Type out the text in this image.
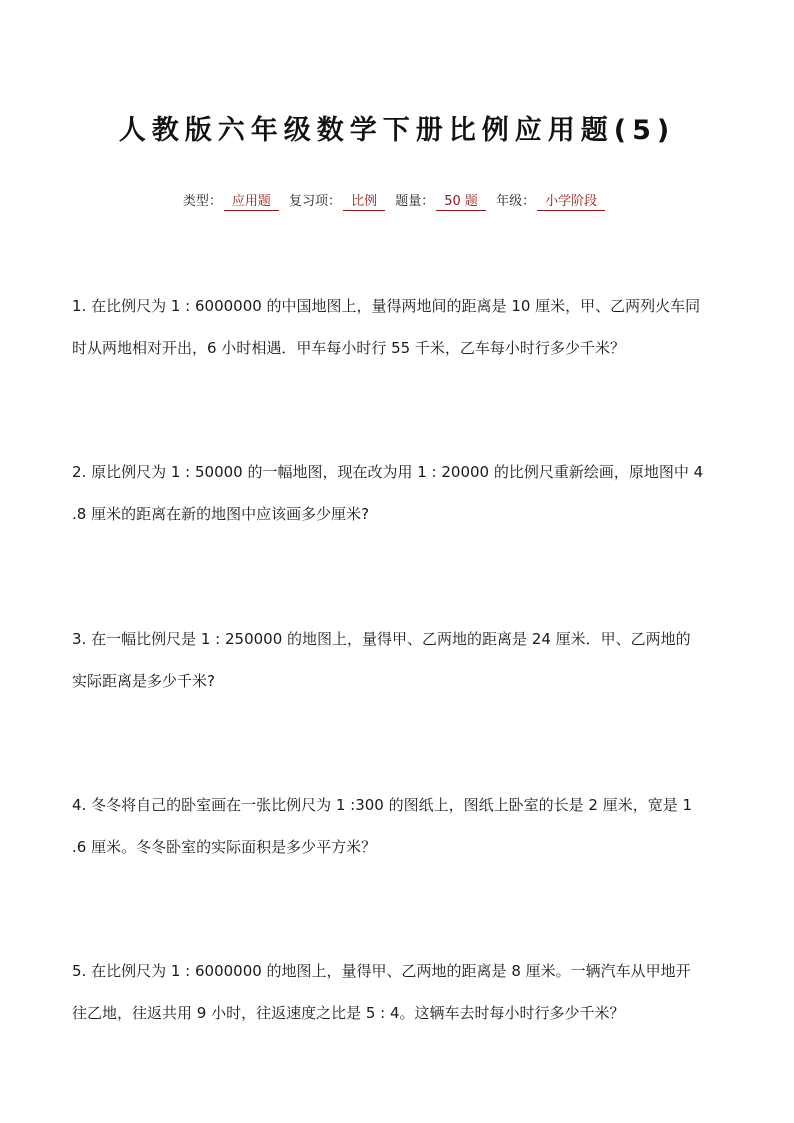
人教版六年级数学下册比例应用题(5)
类型： 应用题 复习项： 比例 题量： 50 题 年级： 小学阶段
1. 在比例尺为 1 : 6000000 的中国地图上，量得两地间的距离是 10 厘米，甲、乙两列火车同
时从两地相对开出，6 小时相遇．甲车每小时行 55 千米，乙车每小时行多少千米？
2. 原比例尺为 1 : 50000 的一幅地图，现在改为用 1 : 20000 的比例尺重新绘画，原地图中 4
.8 厘米的距离在新的地图中应该画多少厘米?
3. 在一幅比例尺是 1 : 250000 的地图上，量得甲、乙两地的距离是 24 厘米．甲、乙两地的
实际距离是多少千米?
4. 冬冬将自己的卧室画在一张比例尺为 1 :300 的图纸上，图纸上卧室的长是 2 厘米，宽是 1
.6 厘米。冬冬卧室的实际面积是多少平方米？
5. 在比例尺为 1 : 6000000 的地图上，量得甲、乙两地的距离是 8 厘米。一辆汽车从甲地开
往乙地，往返共用 9 小时，往返速度之比是 5 : 4。这辆车去时每小时行多少千米？
